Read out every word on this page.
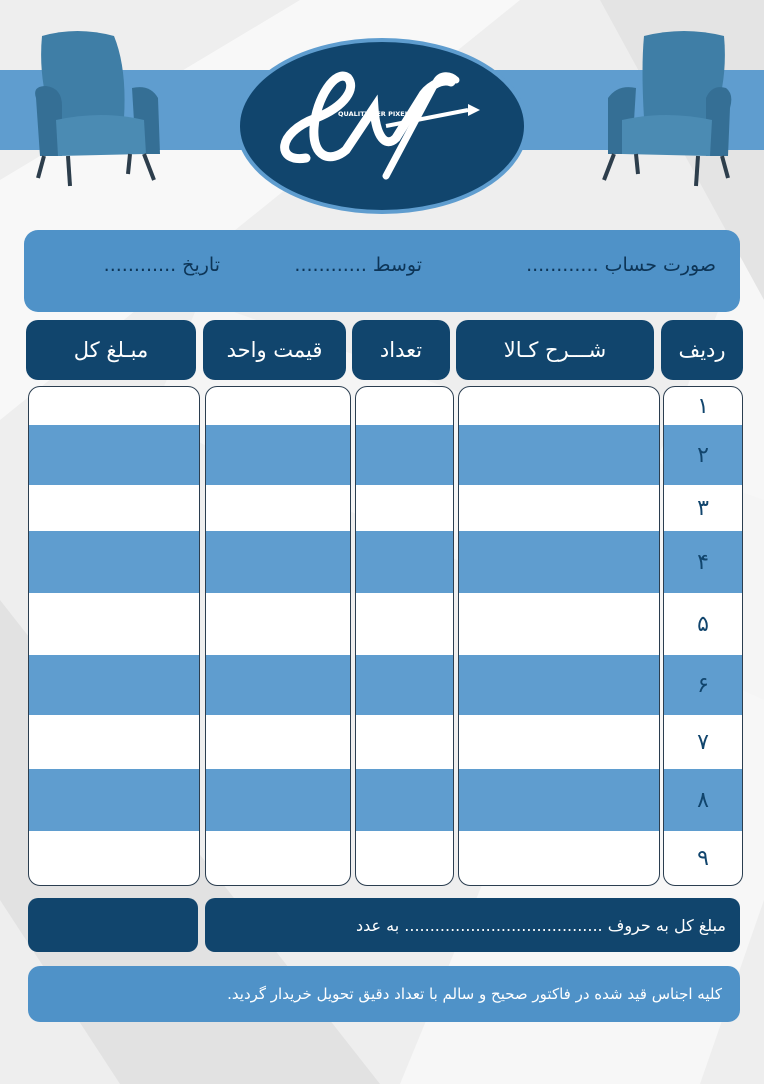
QUALITY PER PIXEL
صورت حساب ............
توسط ............
تاریخ ............
ردیف
شـــرح کـالا
تعداد
قیمت واحد
مبـلغ کل
۱
۲
۳
۴
۵
۶
۷
۸
۹
مبلغ کل به حروف ....................................... به عدد
کلیه اجناس قید شده در فاکتور صحیح و سالم با تعداد دقیق تحویل خریدار گردید.
